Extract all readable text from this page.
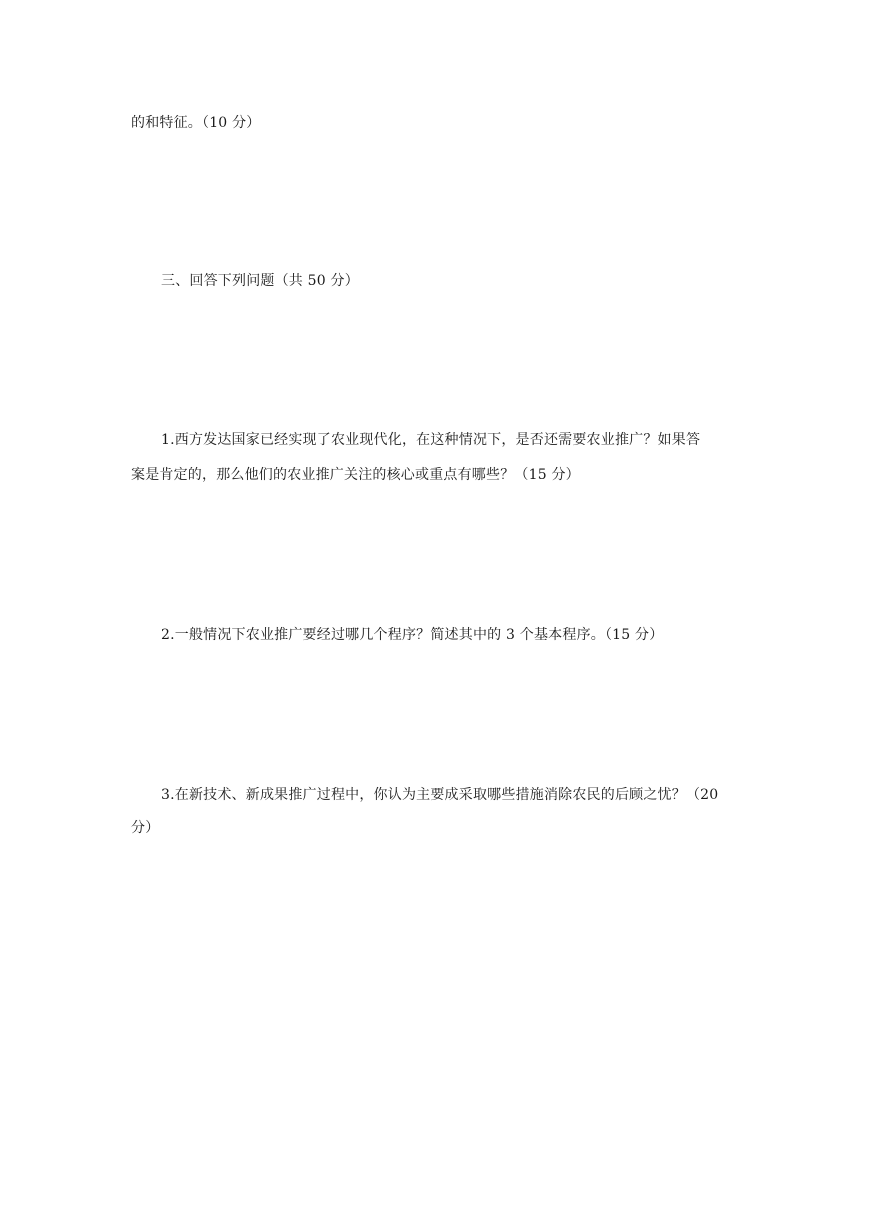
的和特征。（10 分）
三、回答下列问题（共 50 分）
1.西方发达国家已经实现了农业现代化，在这种情况下，是否还需要农业推广？如果答
案是肯定的，那么他们的农业推广关注的核心或重点有哪些？（15 分）
2.一般情况下农业推广要经过哪几个程序？简述其中的 3 个基本程序。（15 分）
3.在新技术、新成果推广过程中，你认为主要成采取哪些措施消除农民的后顾之忧？（20
分）
